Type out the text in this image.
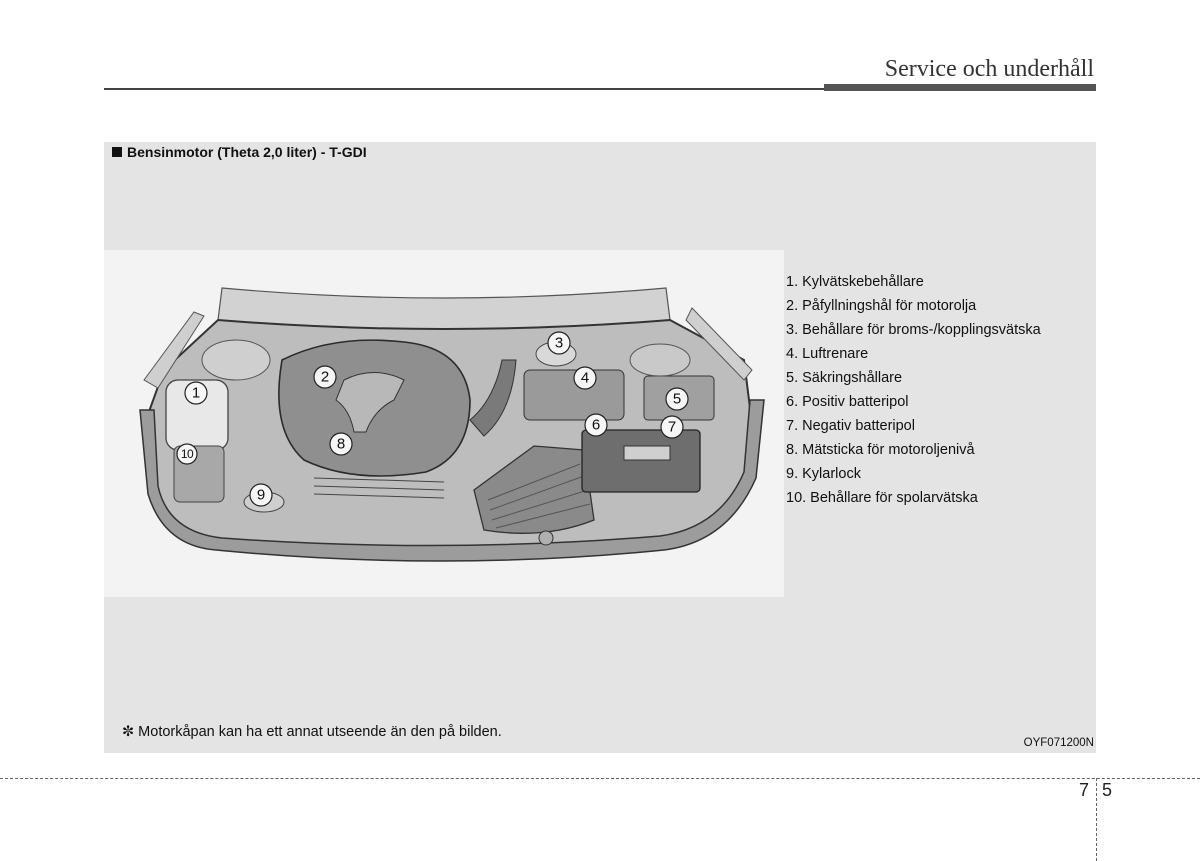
Service och underhåll
Bensinmotor (Theta 2,0 liter) - T-GDI
1
2
3
4
5
6	7
8
9
10
1. Kylvätskebehållare
2. Påfyllningshål för motorolja
3. Behållare för broms-/kopplingsvätska
4. Luftrenare
5. Säkringshållare
6. Positiv batteripol
7. Negativ batteripol
8. Mätsticka för motoroljenivå
9. Kylarlock
10. Behållare för spolarvätska
✼ Motorkåpan kan ha ett annat utseende än den på bilden.
OYF071200N
7 5
